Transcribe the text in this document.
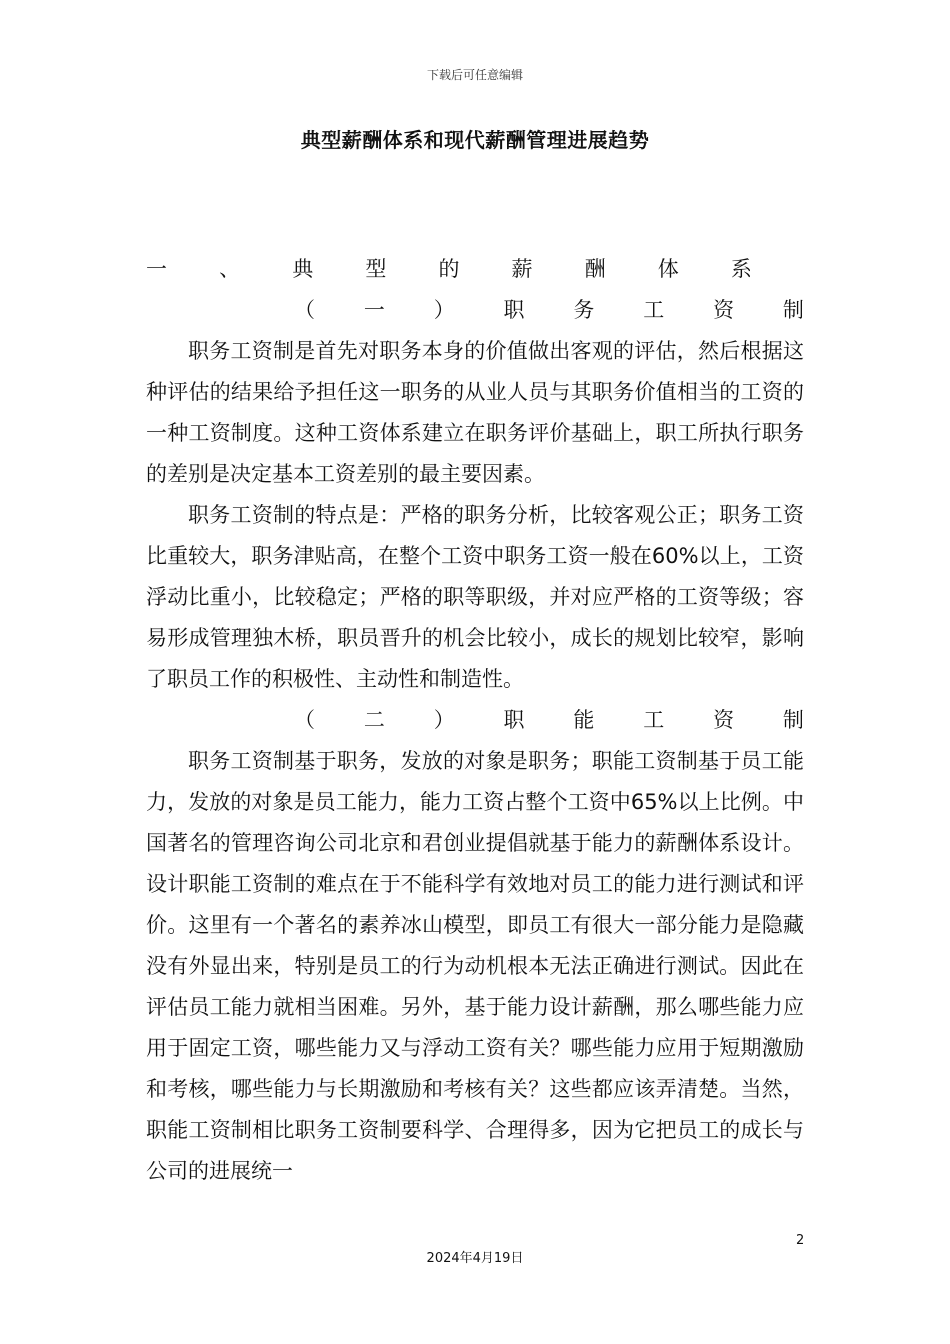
下载后可任意编辑
典型薪酬体系和现代薪酬管理进展趋势
一 、 典 型 的 薪 酬 体 系
（ 一 ） 职 务 工 资 制
职务工资制是首先对职务本身的价值做出客观的评估，然后根据这种评估的结果给予担任这一职务的从业人员与其职务价值相当的工资的一种工资制度。这种工资体系建立在职务评价基础上，职工所执行职务的差别是决定基本工资差别的最主要因素。
职务工资制的特点是：严格的职务分析，比较客观公正；职务工资比重较大，职务津贴高，在整个工资中职务工资一般在60%以上，工资浮动比重小，比较稳定；严格的职等职级，并对应严格的工资等级；容易形成管理独木桥，职员晋升的机会比较小，成长的规划比较窄，影响了职员工作的积极性、主动性和制造性。
（ 二 ） 职 能 工 资 制
职务工资制基于职务，发放的对象是职务；职能工资制基于员工能力，发放的对象是员工能力，能力工资占整个工资中65%以上比例。中国著名的管理咨询公司北京和君创业提倡就基于能力的薪酬体系设计。设计职能工资制的难点在于不能科学有效地对员工的能力进行测试和评价。这里有一个著名的素养冰山模型，即员工有很大一部分能力是隐藏没有外显出来，特别是员工的行为动机根本无法正确进行测试。因此在评估员工能力就相当困难。另外，基于能力设计薪酬，那么哪些能力应用于固定工资，哪些能力又与浮动工资有关？哪些能力应用于短期激励和考核，哪些能力与长期激励和考核有关？这些都应该弄清楚。当然，职能工资制相比职务工资制要科学、合理得多，因为它把员工的成长与公司的进展统一
2
2024年4月19日
